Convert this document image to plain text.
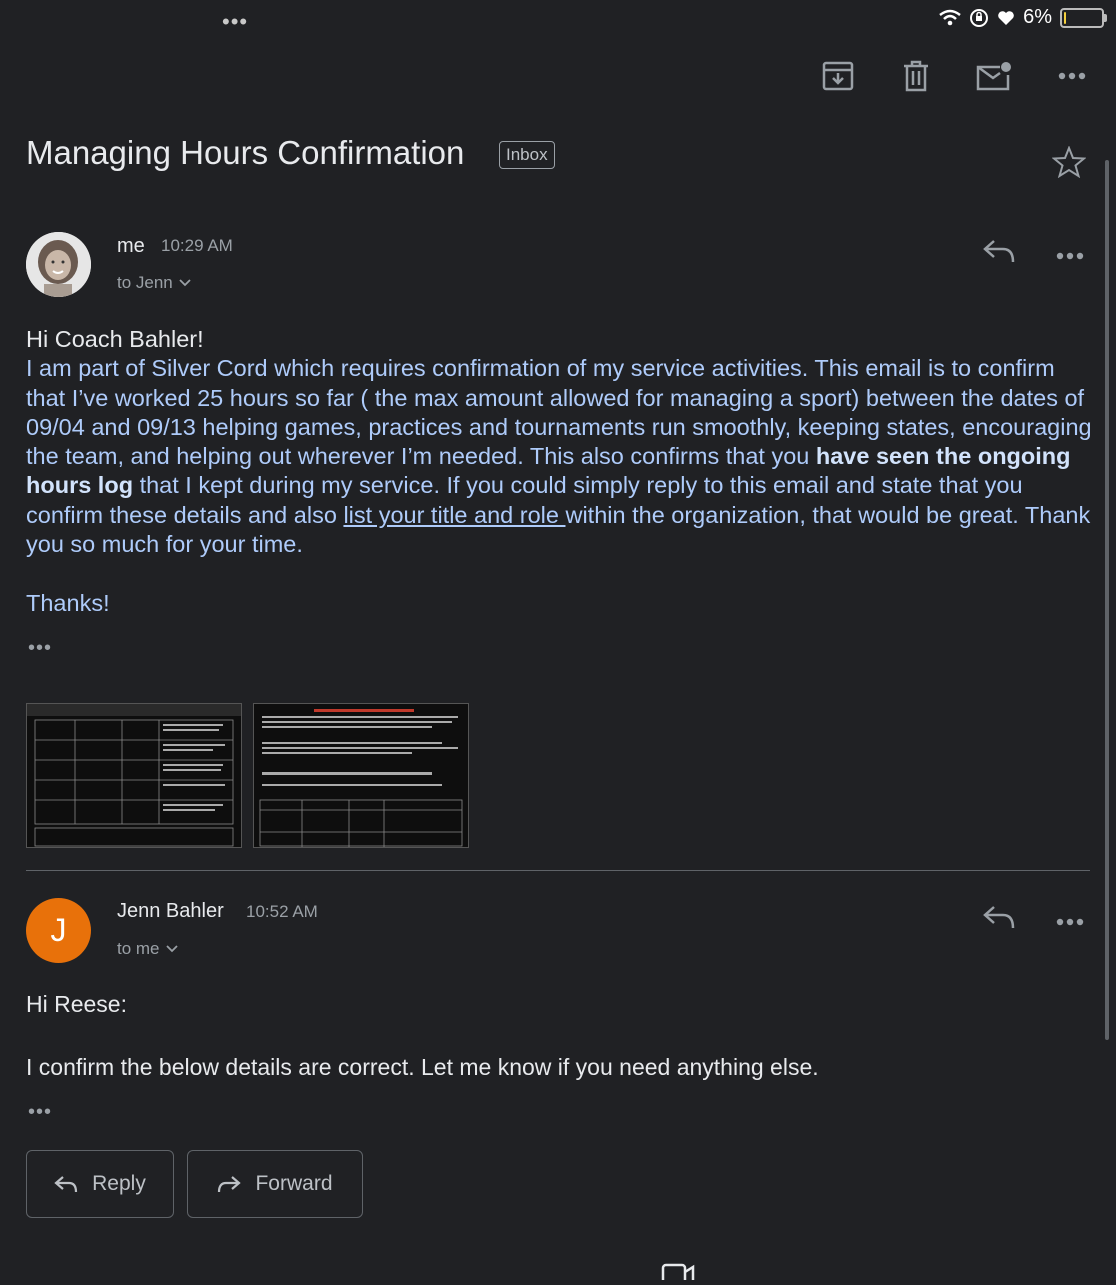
•••	6%
Managing Hours Confirmation	Inbox
me 10:29 AM
to Jenn
Hi Coach Bahler!
I am part of Silver Cord which requires confirmation of my service activities. This email is to confirm that I’ve worked 25 hours so far ( the max amount allowed for managing a sport) between the dates of 09/04 and 09/13 helping games, practices and tournaments run smoothly, keeping states, encouraging the team, and helping out wherever I’m needed. This also confirms that you have seen the ongoing hours log that I kept during my service. If you could simply reply to this email and state that you confirm these details and also list your title and role within the organization, that would be great. Thank you so much for your time.
Thanks!
•••
J
Jenn Bahler 10:52 AM
to me
Hi Reese:
I confirm the below details are correct. Let me know if you need anything else.
•••
Reply	Forward
